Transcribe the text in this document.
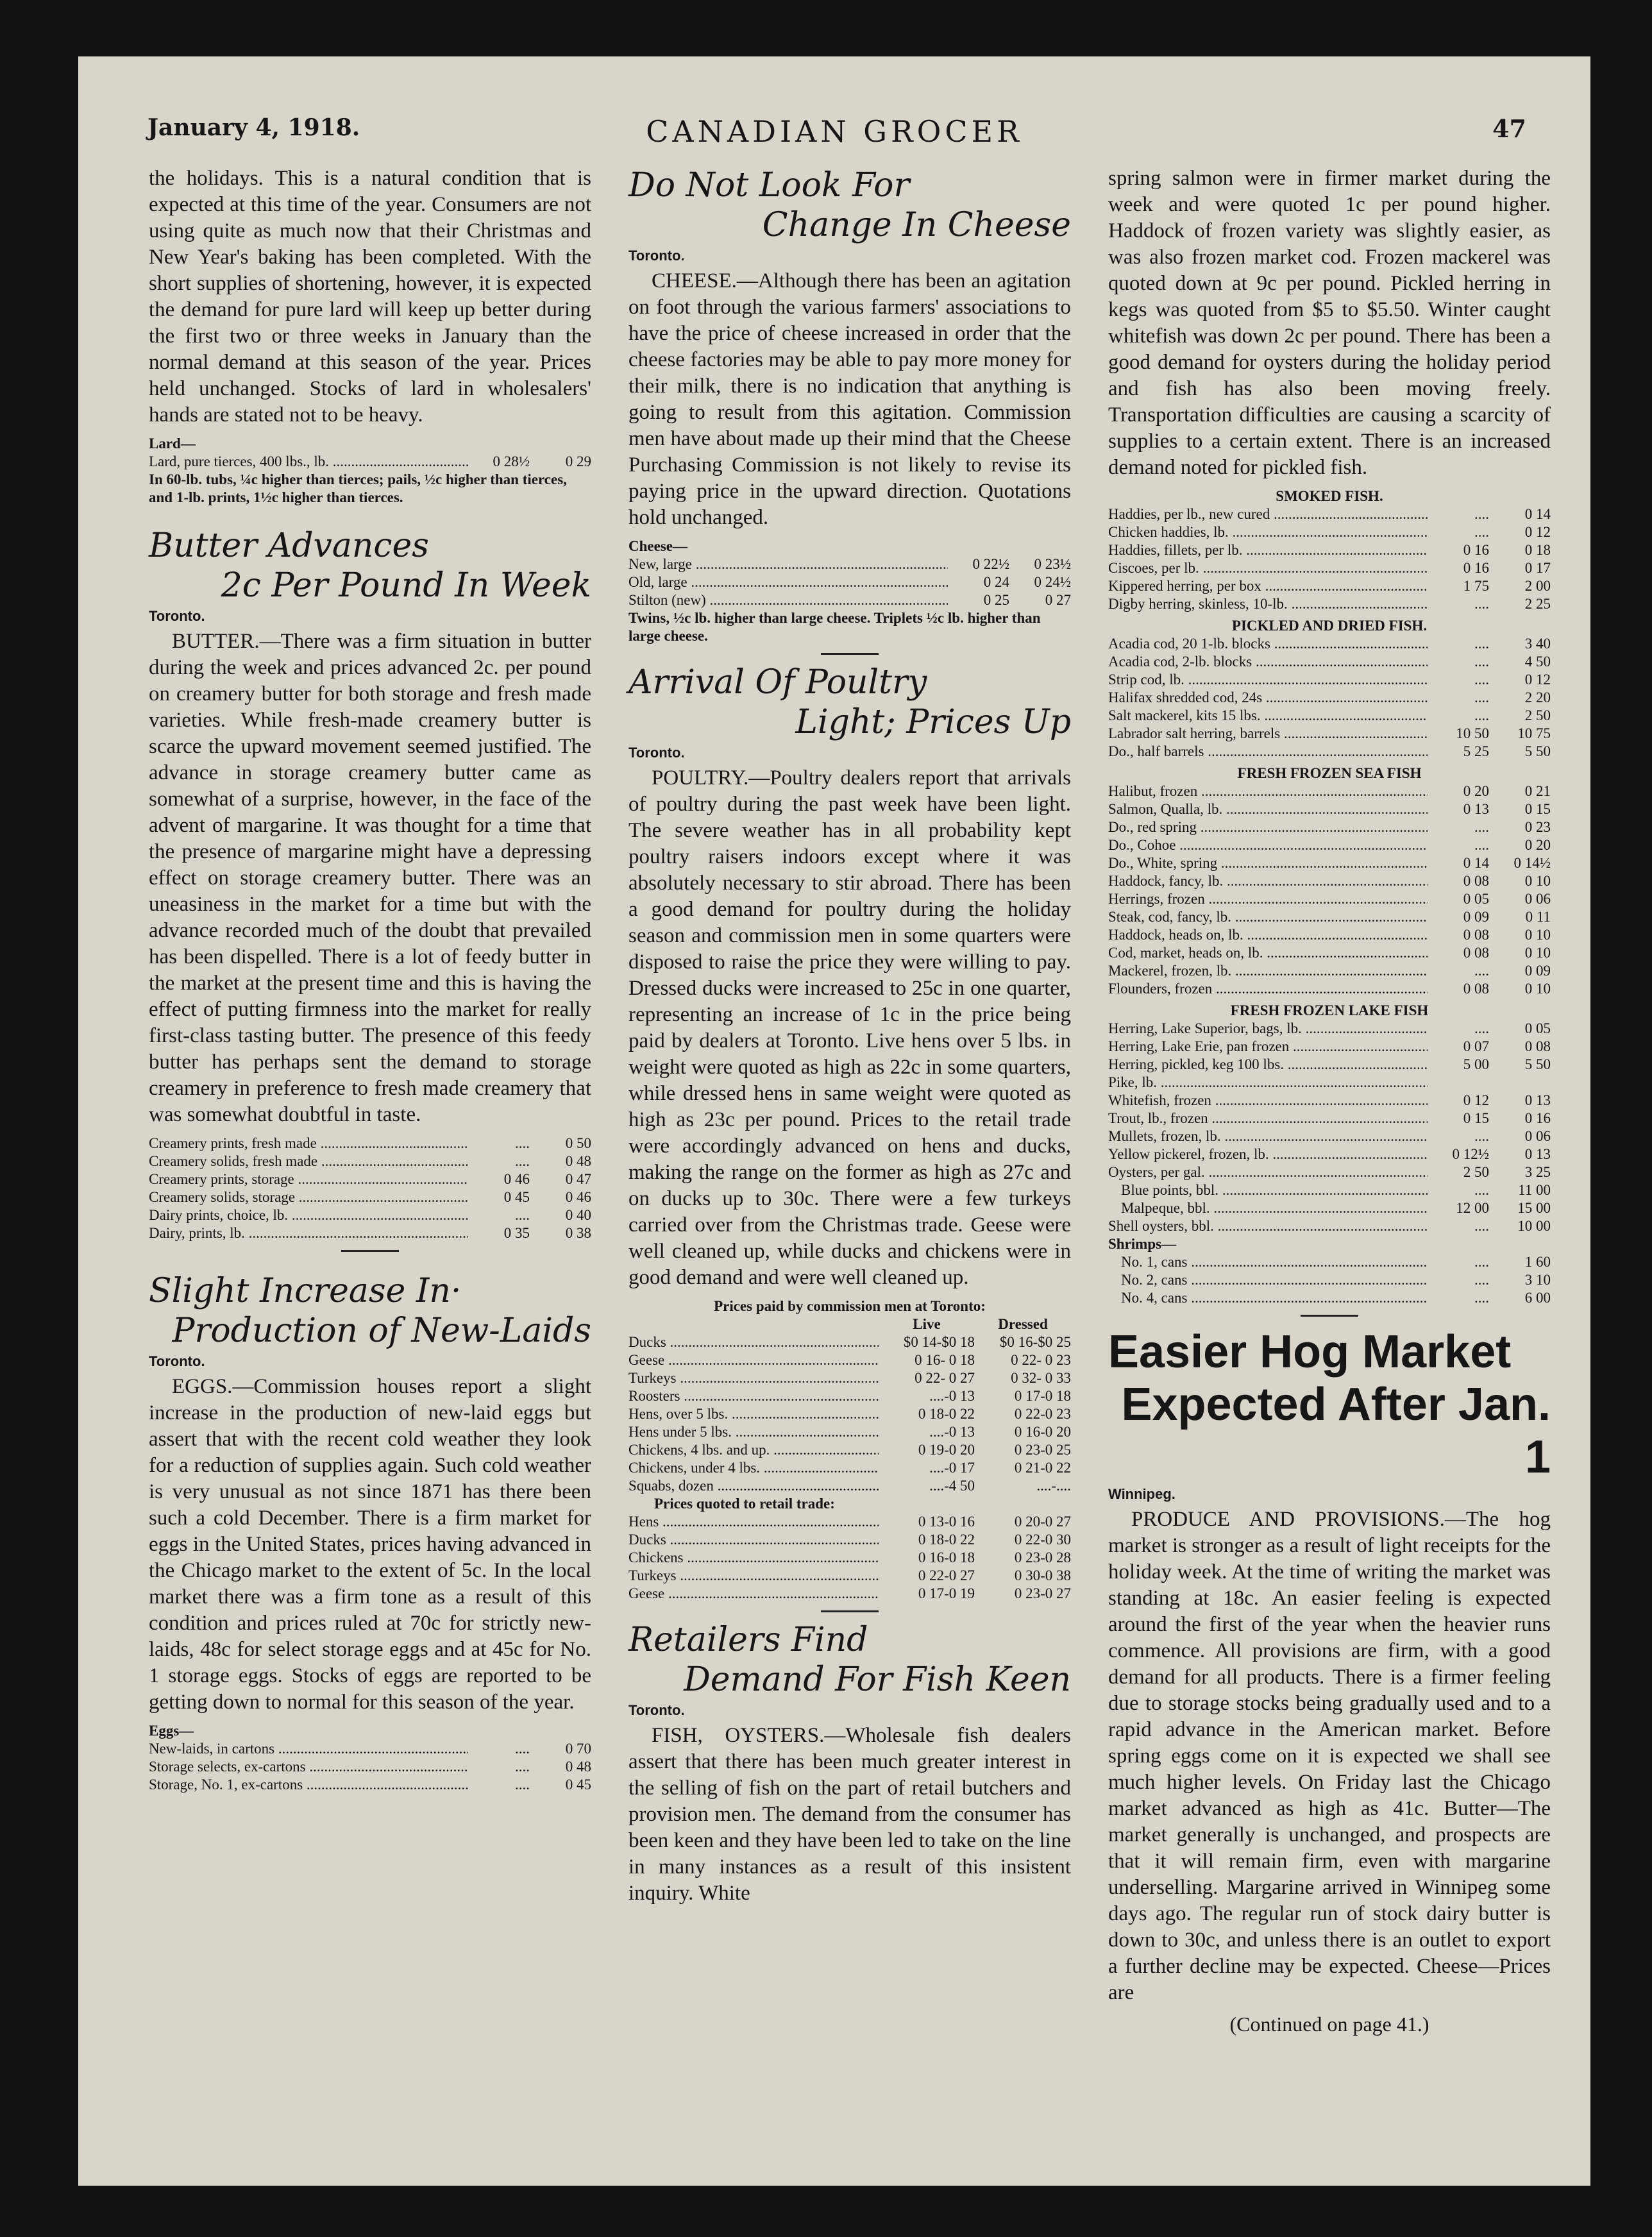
CANADIAN GROCER
January 4, 1918.	47

the holidays. This is a natural condition that is expected at this time of the year. Consumers are not using quite as much now that their Christmas and New Year's baking has been completed. With the short supplies of shortening, however, it is expected the demand for pure lard will keep up better during the first two or three weeks in January than the normal demand at this season of the year. Prices held unchanged. Stocks of lard in wholesalers' hands are stated not to be heavy.

Lard—
Lard, pure tierces, 400 lbs., lb. .....	0 28½	0 29
In 60-lb. tubs, ¼c higher than tierces; pails, ½c higher than tierces, and 1-lb. prints, 1½c higher than tierces.

Butter Advances

2c Per Pound In Week

Toronto.

BUTTER.—There was a firm situation in butter during the week and prices advanced 2c. per pound on creamery butter for both storage and fresh made varieties. While fresh-made creamery butter is scarce the upward movement seemed justified. The advance in storage creamery butter came as somewhat of a surprise, however, in the face of the advent of margarine. It was thought for a time that the presence of margarine might have a depressing effect on storage creamery butter. There was an uneasiness in the market for a time but with the advance recorded much of the doubt that prevailed has been dispelled. There is a lot of feedy butter in the market at the present time and this is having the effect of putting firmness into the market for really first-class tasting butter. The presence of this feedy butter has perhaps sent the demand to storage creamery in preference to fresh made creamery that was somewhat doubtful in taste.

Creamery prints, fresh made .....	....	0 50
Creamery solids, fresh made .....	....	0 48
Creamery prints, storage .....	0 46	0 47
Creamery solids, storage .....	0 45	0 46
Dairy prints, choice, lb. .....	....	0 40
Dairy, prints, lb. .....	0 35	0 38

Slight Increase In·

Production of New-Laids

Toronto.

EGGS.—Commission houses report a slight increase in the production of new-laid eggs but assert that with the recent cold weather they look for a reduction of supplies again. Such cold weather is very unusual as not since 1871 has there been such a cold December. There is a firm market for eggs in the United States, prices having advanced in the Chicago market to the extent of 5c. In the local market there was a firm tone as a result of this condition and prices ruled at 70c for strictly new-laids, 48c for select storage eggs and at 45c for No. 1 storage eggs. Stocks of eggs are reported to be getting down to normal for this season of the year.

Eggs—
New-laids, in cartons .....	....	0 70
Storage selects, ex-cartons .....	....	0 48
Storage, No. 1, ex-cartons .....	....	0 45

Do Not Look For

Change In Cheese

Toronto.

CHEESE.—Although there has been an agitation on foot through the various farmers' associations to have the price of cheese increased in order that the cheese factories may be able to pay more money for their milk, there is no indication that anything is going to result from this agitation. Commission men have about made up their mind that the Cheese Purchasing Commission is not likely to revise its paying price in the upward direction. Quotations hold unchanged.

Cheese—
New, large .....	0 22½	0 23½
Old, large .....	0 24	0 24½
Stilton (new) .....	0 25	0 27
Twins, ½c lb. higher than large cheese. Triplets ½c lb. higher than large cheese.

Arrival Of Poultry

Light; Prices Up

Toronto.

POULTRY.—Poultry dealers report that arrivals of poultry during the past week have been light. The severe weather has in all probability kept poultry raisers indoors except where it was absolutely necessary to stir abroad. There has been a good demand for poultry during the holiday season and commission men in some quarters were disposed to raise the price they were willing to pay. Dressed ducks were increased to 25c in one quarter, representing an increase of 1c in the price being paid by dealers at Toronto. Live hens over 5 lbs. in weight were quoted as high as 22c in some quarters, while dressed hens in same weight were quoted as high as 23c per pound. Prices to the retail trade were accordingly advanced on hens and ducks, making the range on the former as high as 27c and on ducks up to 30c. There were a few turkeys carried over from the Christmas trade. Geese were well cleaned up, while ducks and chickens were in good demand and were well cleaned up.

Prices paid by commission men at Toronto:
Live	Dressed
Ducks .....	$0 14-$0 18	$0 16-$0 25
Geese .....	0 16- 0 18	0 22- 0 23
Turkeys .....	0 22- 0 27	0 32- 0 33
Roosters .....	....-0 13	0 17-0 18
Hens, over 5 lbs. .....	0 18-0 22	0 22-0 23
Hens under 5 lbs. .....	....-0 13	0 16-0 20
Chickens, 4 lbs. and up. .....	0 19-0 20	0 23-0 25
Chickens, under 4 lbs. .....	....-0 17	0 21-0 22
Squabs, dozen .....	....-4 50	....-....
Prices quoted to retail trade:
Hens .....	0 13-0 16	0 20-0 27
Ducks .....	0 18-0 22	0 22-0 30
Chickens .....	0 16-0 18	0 23-0 28
Turkeys .....	0 22-0 27	0 30-0 38
Geese .....	0 17-0 19	0 23-0 27

Retailers Find

Demand For Fish Keen

Toronto.

FISH, OYSTERS.—Wholesale fish dealers assert that there has been much greater interest in the selling of fish on the part of retail butchers and provision men. The demand from the consumer has been keen and they have been led to take on the line in many instances as a result of this insistent inquiry. White

spring salmon were in firmer market during the week and were quoted 1c per pound higher. Haddock of frozen variety was slightly easier, as was also frozen market cod. Frozen mackerel was quoted down at 9c per pound. Pickled herring in kegs was quoted from $5 to $5.50. Winter caught whitefish was down 2c per pound. There has been a good demand for oysters during the holiday period and fish has also been moving freely. Transportation difficulties are causing a scarcity of supplies to a certain extent. There is an increased demand noted for pickled fish.

SMOKED FISH.
Haddies, per lb., new cured .....	....	0 14
Chicken haddies, lb. .....	....	0 12
Haddies, fillets, per lb. .....	0 16	0 18
Ciscoes, per lb. .....	0 16	0 17
Kippered herring, per box .....	1 75	2 00
Digby herring, skinless, 10-lb. .....	....	2 25
PICKLED AND DRIED FISH.
Acadia cod, 20 1-lb. blocks .....	....	3 40
Acadia cod, 2-lb. blocks .....	....	4 50
Strip cod, lb. .....	....	0 12
Halifax shredded cod, 24s .....	....	2 20
Salt mackerel, kits 15 lbs. .....	....	2 50
Labrador salt herring, barrels .....	10 50	10 75
Do., half barrels .....	5 25	5 50
FRESH FROZEN SEA FISH
Halibut, frozen .....	0 20	0 21
Salmon, Qualla, lb. .....	0 13	0 15
Do., red spring .....	....	0 23
Do., Cohoe .....	....	0 20
Do., White, spring .....	0 14	0 14½
Haddock, fancy, lb. .....	0 08	0 10
Herrings, frozen .....	0 05	0 06
Steak, cod, fancy, lb. .....	0 09	0 11
Haddock, heads on, lb. .....	0 08	0 10
Cod, market, heads on, lb. .....	0 08	0 10
Mackerel, frozen, lb. .....	....	0 09
Flounders, frozen .....	0 08	0 10
FRESH FROZEN LAKE FISH
Herring, Lake Superior, bags, lb. .....	....	0 05
Herring, Lake Erie, pan frozen .....	0 07	0 08
Herring, pickled, keg 100 lbs. .....	5 00	5 50
Pike, lb. .....
Whitefish, frozen .....	0 12	0 13
Trout, lb., frozen .....	0 15	0 16
Mullets, frozen, lb. .....	....	0 06
Yellow pickerel, frozen, lb. .....	0 12½	0 13
Oysters, per gal. .....	2 50	3 25
Blue points, bbl. .....	....	11 00
Malpeque, bbl. .....	12 00	15 00
Shell oysters, bbl. .....	....	10 00
Shrimps—
No. 1, cans .....	....	1 60
No. 2, cans .....	....	3 10
No. 4, cans .....	....	6 00

Easier Hog Market

Expected After Jan. 1

Winnipeg.

PRODUCE AND PROVISIONS.—The hog market is stronger as a result of light receipts for the holiday week. At the time of writing the market was standing at 18c. An easier feeling is expected around the first of the year when the heavier runs commence. All provisions are firm, with a good demand for all products. There is a firmer feeling due to storage stocks being gradually used and to a rapid advance in the American market. Before spring eggs come on it is expected we shall see much higher levels. On Friday last the Chicago market advanced as high as 41c. Butter—The market generally is unchanged, and prospects are that it will remain firm, even with margarine underselling. Margarine arrived in Winnipeg some days ago. The regular run of stock dairy butter is down to 30c, and unless there is an outlet to export a further decline may be expected. Cheese—Prices are

(Continued on page 41.)
